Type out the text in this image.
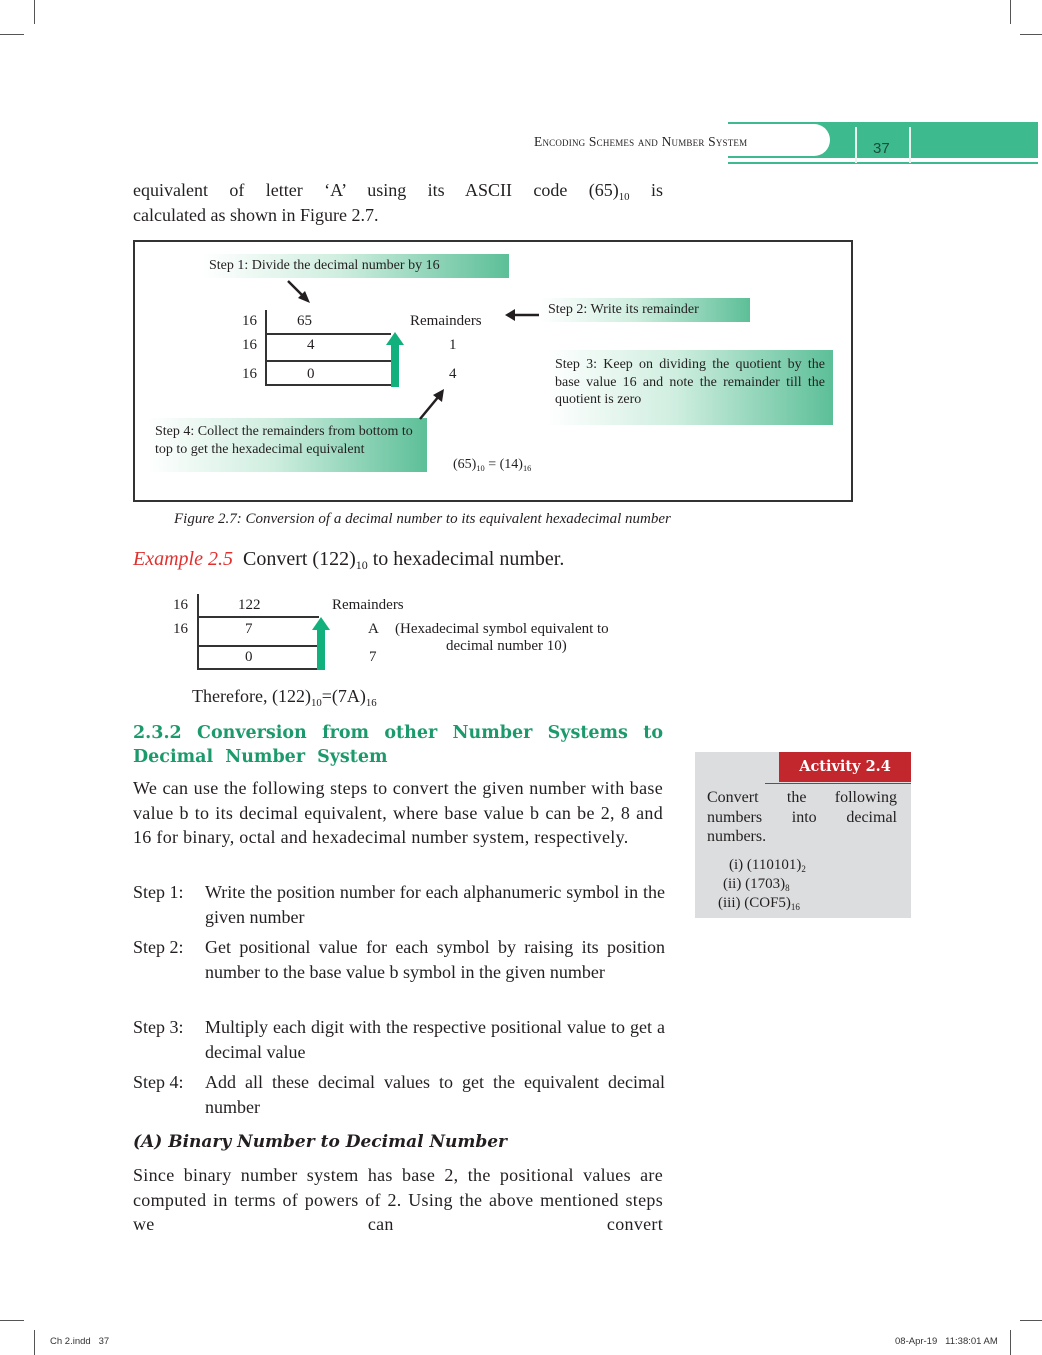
Encoding Schemes and Number System	37
equivalent of letter ‘A’ using its ASCII code $(65)_{10}$ is
calculated as shown in Figure 2.7.
Step 1: Divide the decimal number by 16
Step 2: Write its remainder
Step 3: Keep on dividing the quotient by the base value 16 and note the remainder till the quotient is zero
Step 4: Collect the remainders from bottom to top to get the hexadecimal equivalent
16
16
16
65
4
0
Remainders
1
4
$(65)_{10} = (14)_{16}$
Figure 2.7: Conversion of a decimal number to its equivalent hexadecimal number
Example 2.5 Convert $(122)_{10}$ to hexadecimal number.
16
16
122
7
0
Remainders
A
7
(Hexadecimal symbol equivalent to
decimal number 10)
Therefore, $(122)_{10}=(7A)_{16}$
2.3.2 Conversion from other Number Systems to Decimal Number System
We can use the following steps to convert the given number with base value b to its decimal equivalent, where base value b can be 2, 8 and 16 for binary, octal and hexadecimal number system, respectively.
Step 1: Write the position number for each alphanumeric symbol in the given number
Step 2: Get positional value for each symbol by raising its position number to the base value b symbol in the given number
Step 3: Multiply each digit with the respective positional value to get a decimal value
Step 4: Add all these decimal values to get the equivalent decimal number
(A) Binary Number to Decimal Number
Since binary number system has base 2, the positional values are computed in terms of powers of 2. Using the above mentioned steps we can convert
Activity 2.4
Convert the following numbers into decimal numbers.
(i) $(110101)_2$
(ii) $(1703)_8$
(iii) $(COF5)_{16}$
Ch 2.indd   37	08-Apr-19   11:38:01 AM
